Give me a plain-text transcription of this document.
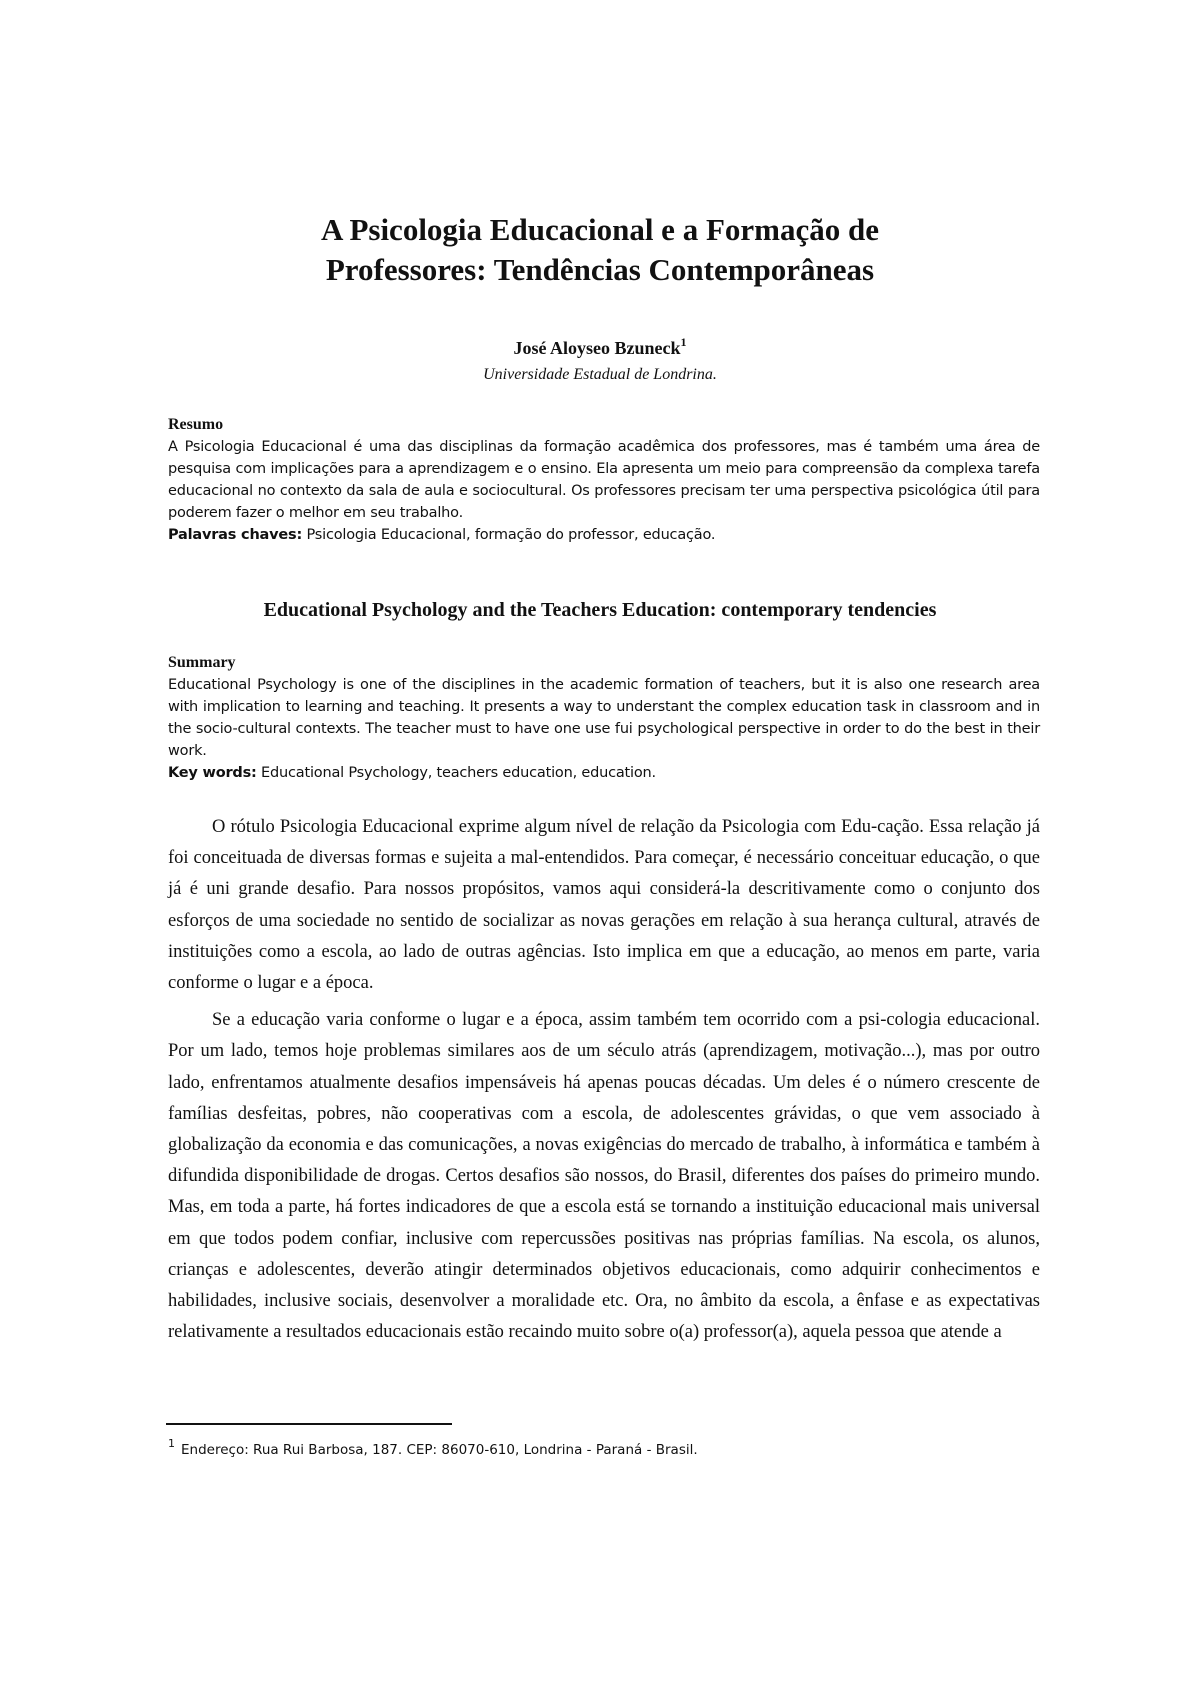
A Psicologia Educacional e a Formação de
Professores: Tendências Contemporâneas
José Aloyseo Bzuneck$^1$
Universidade Estadual de Londrina.
Resumo
A Psicologia Educacional é uma das disciplinas da formação acadêmica dos professores, mas é também uma área de pesquisa com implicações para a aprendizagem e o ensino. Ela apresenta um meio para compreensão da complexa tarefa educacional no contexto da sala de aula e sociocultural. Os professores precisam ter uma perspectiva psicológica útil para poderem fazer o melhor em seu trabalho.
Palavras chaves: Psicologia Educacional, formação do professor, educação.
Educational Psychology and the Teachers Education: contemporary tendencies
Summary
Educational Psychology is one of the disciplines in the academic formation of teachers, but it is also one research area with implication to learning and teaching. It presents a way to understant the complex education task in classroom and in the socio-cultural contexts. The teacher must to have one use fui psychological perspective in order to do the best in their work.
Key words: Educational Psychology, teachers education, education.

O rótulo Psicologia Educacional exprime algum nível de relação da Psicologia com Edu-cação. Essa relação já foi conceituada de diversas formas e sujeita a mal-entendidos. Para começar, é necessário conceituar educação, o que já é uni grande desafio. Para nossos propósitos, vamos aqui considerá-la descritivamente como o conjunto dos esforços de uma sociedade no sentido de socializar as novas gerações em relação à sua herança cultural, através de instituições como a escola, ao lado de outras agências. Isto implica em que a educação, ao menos em parte, varia conforme o lugar e a época.

Se a educação varia conforme o lugar e a época, assim também tem ocorrido com a psi-cologia educacional. Por um lado, temos hoje problemas similares aos de um século atrás (aprendizagem, motivação...), mas por outro lado, enfrentamos atualmente desafios impensáveis há apenas poucas décadas. Um deles é o número crescente de famílias desfeitas, pobres, não cooperativas com a escola, de adolescentes grávidas, o que vem associado à globalização da economia e das comunicações, a novas exigências do mercado de trabalho, à informática e também à difundida disponibilidade de drogas. Certos desafios são nossos, do Brasil, diferentes dos países do primeiro mundo. Mas, em toda a parte, há fortes indicadores de que a escola está se tornando a instituição educacional mais universal em que todos podem confiar, inclusive com repercussões positivas nas próprias famílias. Na escola, os alunos, crianças e adolescentes, deverão atingir determinados objetivos educacionais, como adquirir conhecimentos e habilidades, inclusive sociais, desenvolver a moralidade etc. Ora, no âmbito da escola, a ênfase e as expectativas relativamente a resultados educacionais estão recaindo muito sobre o(a) professor(a), aquela pessoa que atende a

$^1$ Endereço: Rua Rui Barbosa, 187. CEP: 86070-610, Londrina - Paraná - Brasil.
